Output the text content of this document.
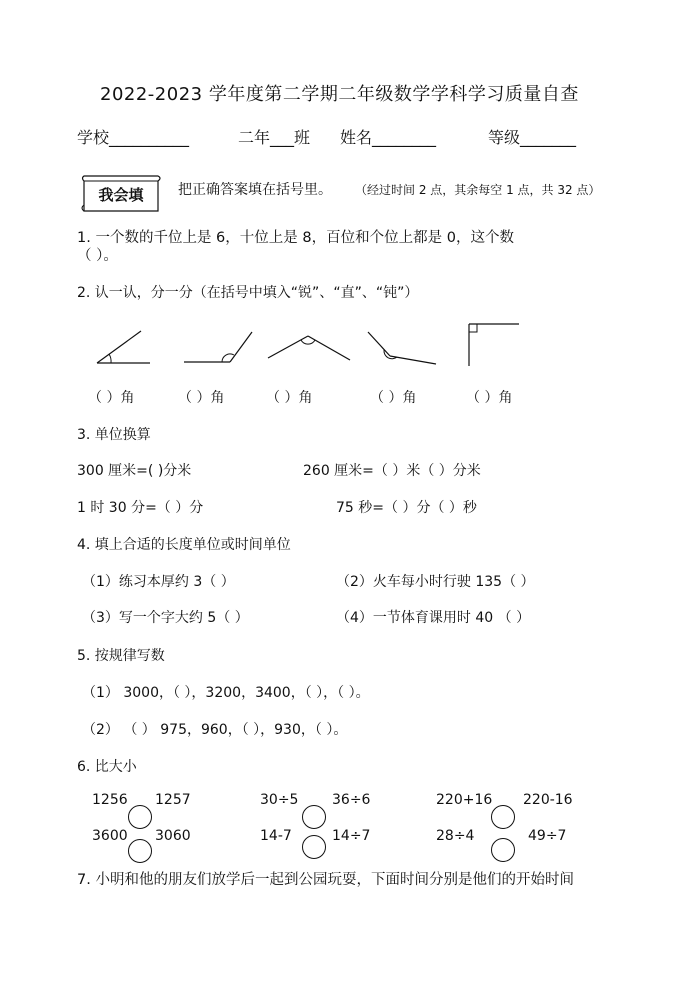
2022-2023 学年度第二学期二年级数学学科学习质量自查
学校__________	二年___班 姓名________	等级_______
我会填	把正确答案填在括号里。 （经过时间 2 点，其余每空 1 点，共 32 点）
1. 一个数的千位上是 6，十位上是 8，百位和个位上都是 0，这个数
（ ）。
2. 认一认，分一分（在括号中填入“锐”、“直”、“钝”）
（ ）角	（ ）角	（ ）角	（ ）角	（ ）角
3. 单位换算
300 厘米=( )分米	260 厘米=（ ）米（ ）分米
1 时 30 分=（ ）分	75 秒=（ ）分（ ）秒
4. 填上合适的长度单位或时间单位
（1）练习本厚约 3（ ）	（2）火车每小时行驶 135（ ）
（3）写一个字大约 5（ ）	（4）一节体育课用时 40 （ ）
5. 按规律写数
（1） 3000，（ ），3200，3400，（ ），（ ）。
（2） （ ） 975，960，（ ），930，（ ）。
6. 比大小
1256 1257	30÷5 36÷6	220+16 220-16
3600 3060	14-7	14÷7	28÷4	49÷7
7. 小明和他的朋友们放学后一起到公园玩耍，下面时间分别是他们的开始时间
